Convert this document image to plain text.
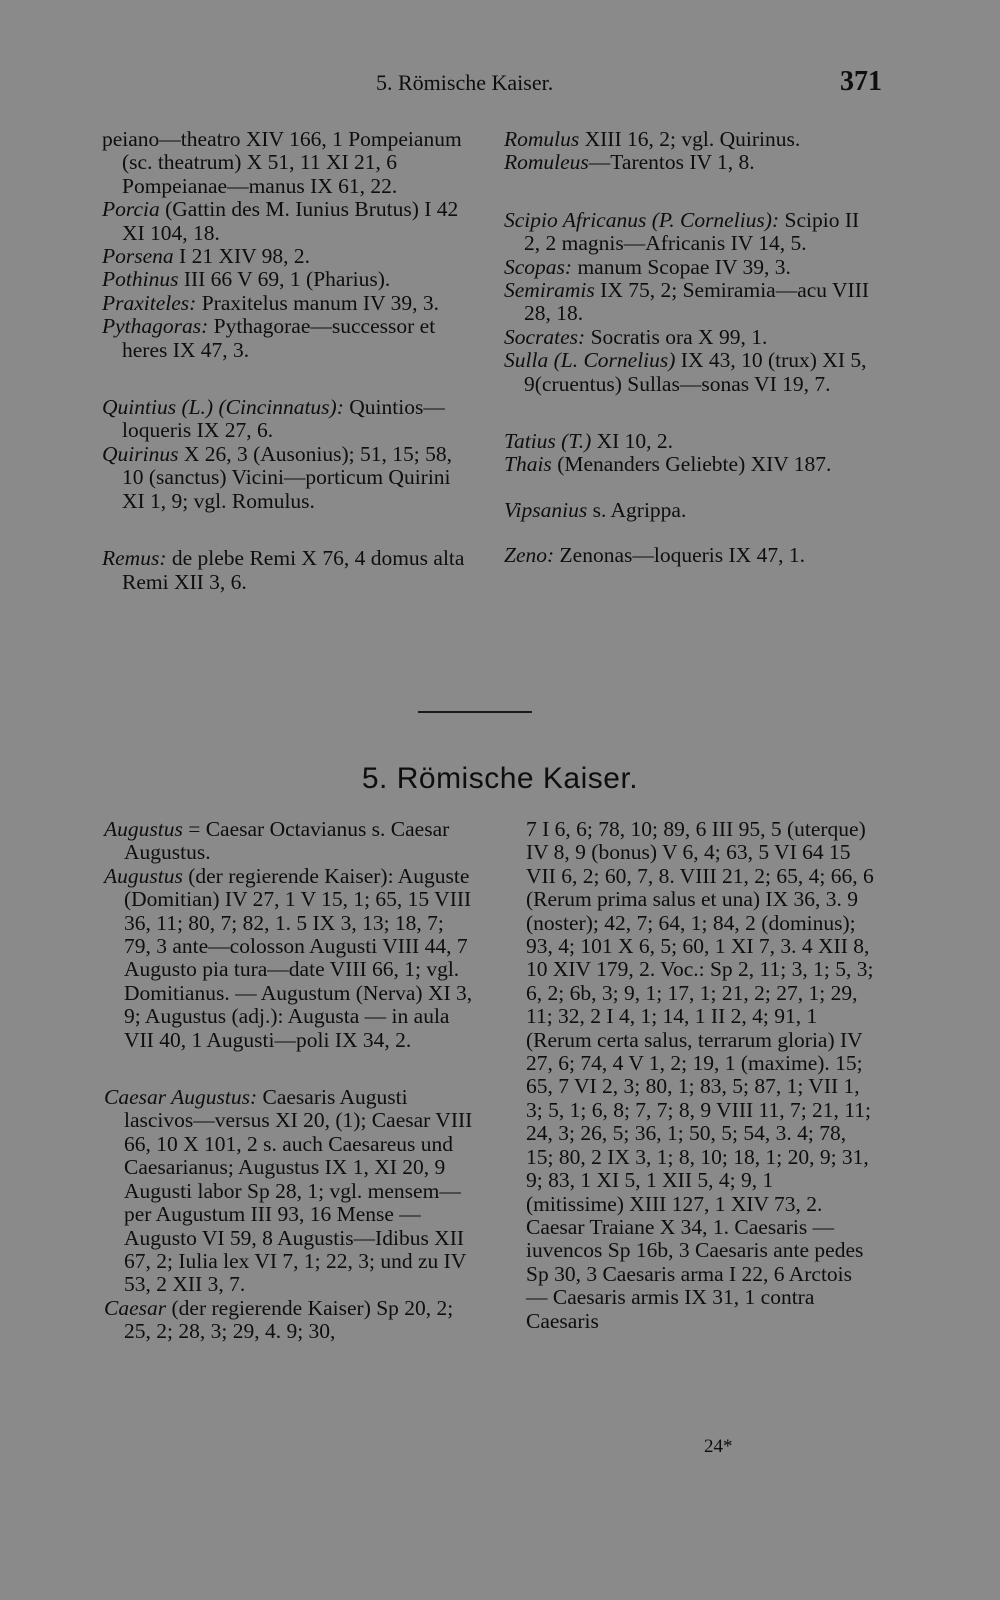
5. Römische Kaiser.	371

peiano—theatro XIV 166, 1 Pompeianum (sc. theatrum) X 51, 11 XI 21, 6 Pompeianae—manus IX 61, 22.

Porcia (Gattin des M. Iunius Brutus) I 42 XI 104, 18.

Porsena I 21 XIV 98, 2.

Pothinus III 66 V 69, 1 (Pharius).

Praxiteles: Praxitelus manum IV 39, 3.

Pythagoras: Pythagorae—successor et heres IX 47, 3.

Quintius (L.) (Cincinnatus): Quintios—loqueris IX 27, 6.

Quirinus X 26, 3 (Ausonius); 51, 15; 58, 10 (sanctus) Vicini—porticum Quirini XI 1, 9; vgl. Romulus.

Remus: de plebe Remi X 76, 4 domus alta Remi XII 3, 6.

Romulus XIII 16, 2; vgl. Quirinus.

Romuleus—Tarentos IV 1, 8.

Scipio Africanus (P. Cornelius): Scipio II 2, 2 magnis—Africanis IV 14, 5.

Scopas: manum Scopae IV 39, 3.

Semiramis IX 75, 2; Semiramia—acu VIII 28, 18.

Socrates: Socratis ora X 99, 1.

Sulla (L. Cornelius) IX 43, 10 (trux) XI 5, 9(cruentus) Sullas—sonas VI 19, 7.

Tatius (T.) XI 10, 2.

Thais (Menanders Geliebte) XIV 187.

Vipsanius s. Agrippa.

Zeno: Zenonas—loqueris IX 47, 1.

5. Römische Kaiser.

Augustus = Caesar Octavianus s. Caesar Augustus.

Augustus (der regierende Kaiser): Auguste (Domitian) IV 27, 1 V 15, 1; 65, 15 VIII 36, 11; 80, 7; 82, 1. 5 IX 3, 13; 18, 7; 79, 3 ante—colosson Augusti VIII 44, 7 Augusto pia tura—date VIII 66, 1; vgl. Domitianus. — Augustum (Nerva) XI 3, 9; Augustus (adj.): Augusta — in aula VII 40, 1 Augusti—poli IX 34, 2.

Caesar Augustus: Caesaris Augusti lascivos—versus XI 20, (1); Caesar VIII 66, 10 X 101, 2 s. auch Caesareus und Caesarianus; Augustus IX 1, XI 20, 9 Augusti labor Sp 28, 1; vgl. mensem—per Augustum III 93, 16 Mense — Augusto VI 59, 8 Augustis—Idibus XII 67, 2; Iulia lex VI 7, 1; 22, 3; und zu IV 53, 2 XII 3, 7.

Caesar (der regierende Kaiser) Sp 20, 2; 25, 2; 28, 3; 29, 4. 9; 30,

7 I 6, 6; 78, 10; 89, 6 III 95, 5 (uterque) IV 8, 9 (bonus) V 6, 4; 63, 5 VI 64 15 VII 6, 2; 60, 7, 8. VIII 21, 2; 65, 4; 66, 6 (Rerum prima salus et una) IX 36, 3. 9 (noster); 42, 7; 64, 1; 84, 2 (dominus); 93, 4; 101 X 6, 5; 60, 1 XI 7, 3. 4 XII 8, 10 XIV 179, 2. Voc.: Sp 2, 11; 3, 1; 5, 3; 6, 2; 6b, 3; 9, 1; 17, 1; 21, 2; 27, 1; 29, 11; 32, 2 I 4, 1; 14, 1 II 2, 4; 91, 1 (Rerum certa salus, terrarum gloria) IV 27, 6; 74, 4 V 1, 2; 19, 1 (maxime). 15; 65, 7 VI 2, 3; 80, 1; 83, 5; 87, 1; VII 1, 3; 5, 1; 6, 8; 7, 7; 8, 9 VIII 11, 7; 21, 11; 24, 3; 26, 5; 36, 1; 50, 5; 54, 3. 4; 78, 15; 80, 2 IX 3, 1; 8, 10; 18, 1; 20, 9; 31, 9; 83, 1 XI 5, 1 XII 5, 4; 9, 1 (mitissime) XIII 127, 1 XIV 73, 2. Caesar Traiane X 34, 1. Caesaris — iuvencos Sp 16b, 3 Caesaris ante pedes Sp 30, 3 Caesaris arma I 22, 6 Arctois — Caesaris armis IX 31, 1 contra Caesaris

24*
